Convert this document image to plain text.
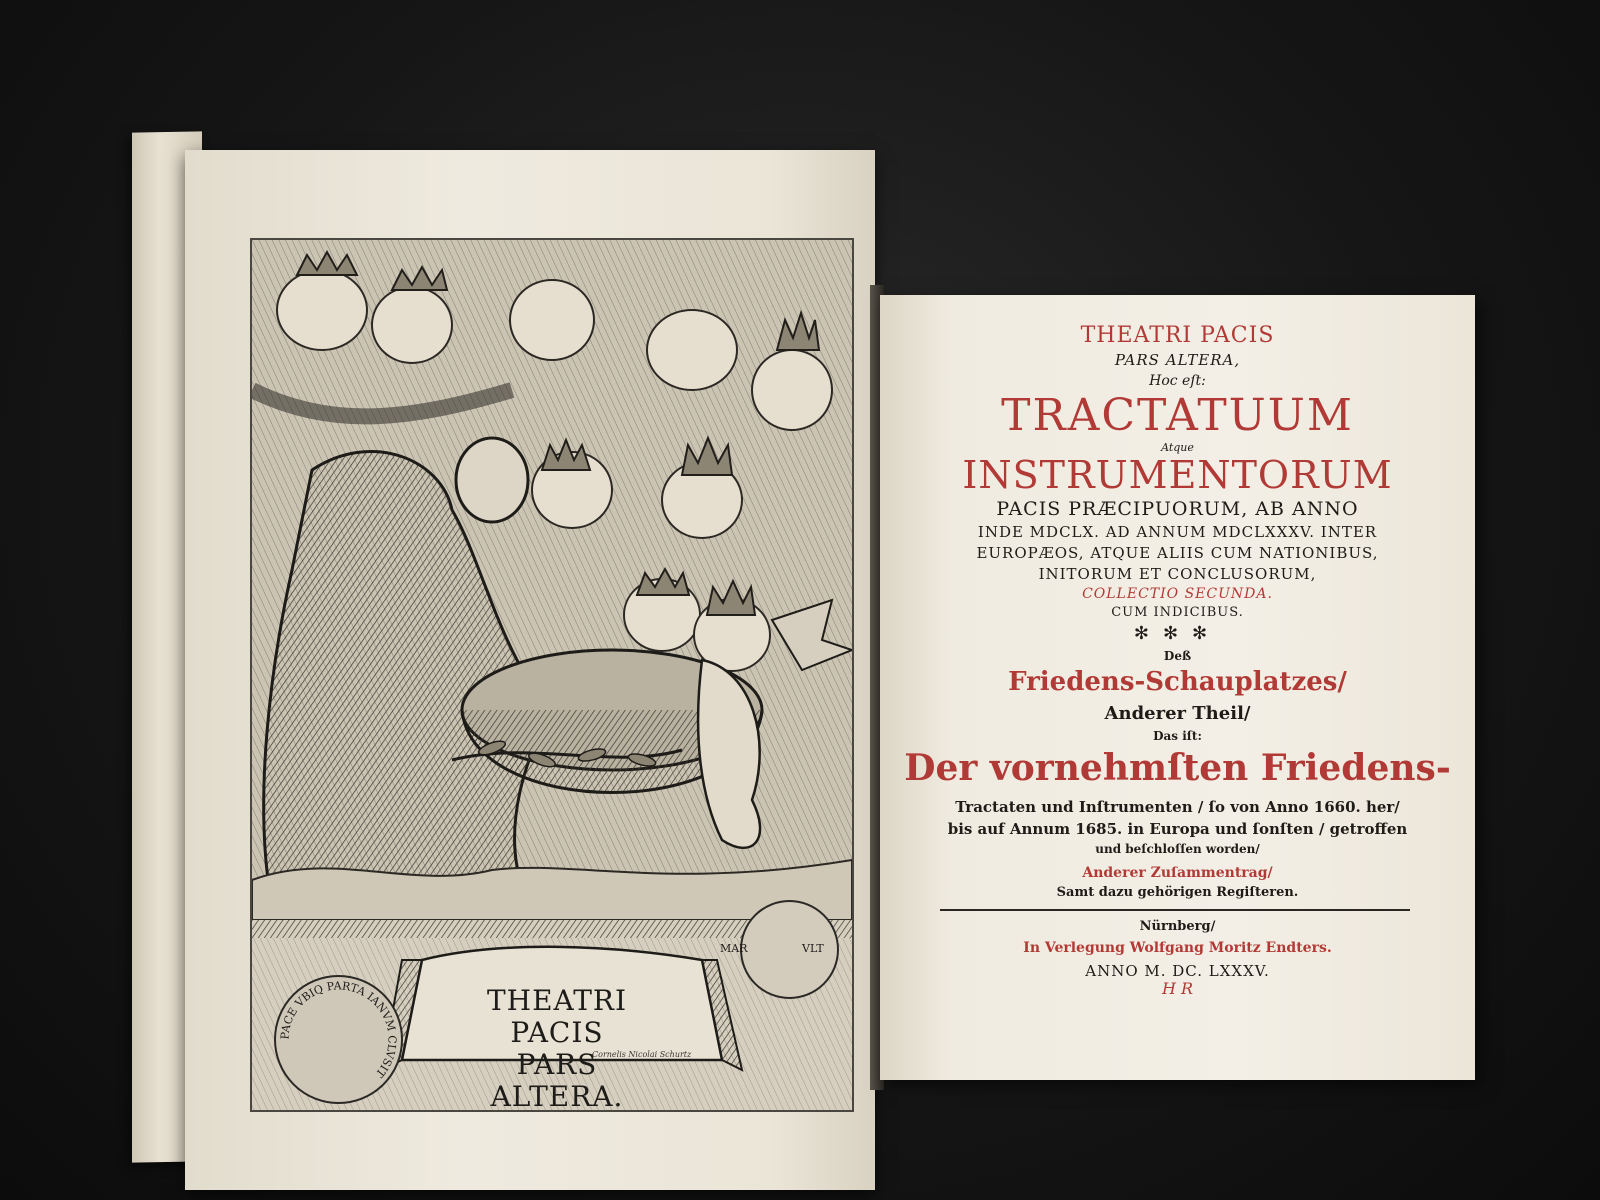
PACE VBIQ PARTA IANVM CLVSIT
MAR	VLT
THEATRI PACIS
PARS ALTERA.
Cornelis Nicolai Schurtz
THEATRI PACIS
PARS ALTERA,
Hoc eſt:
TRACTATUUM
Atque
INSTRUMENTORUM
PACIS PRÆCIPUORUM, AB ANNO
INDE MDCLX. AD ANNUM MDCLXXXV. INTER
EUROPÆOS, ATQUE ALIIS CUM NATIONIBUS,
INITORUM ET CONCLUSORUM,
COLLECTIO SECUNDA.
CUM INDICIBUS.
✻✻✻
Deß
Friedens-Schauplatzes/
Anderer Theil/
Das iſt:
Der vornehmſten Friedens-
Tractaten und Inſtrumenten / ſo von Anno 1660. her/
bis auf Annum 1685. in Europa und ſonſten / getroffen
und beſchloſſen worden/
Anderer Zuſammentrag/
Samt dazu gehörigen Regiſteren.
Nürnberg/
In Verlegung Wolfgang Moritz Endters.
ANNO M. DC. LXXXV.
H R
